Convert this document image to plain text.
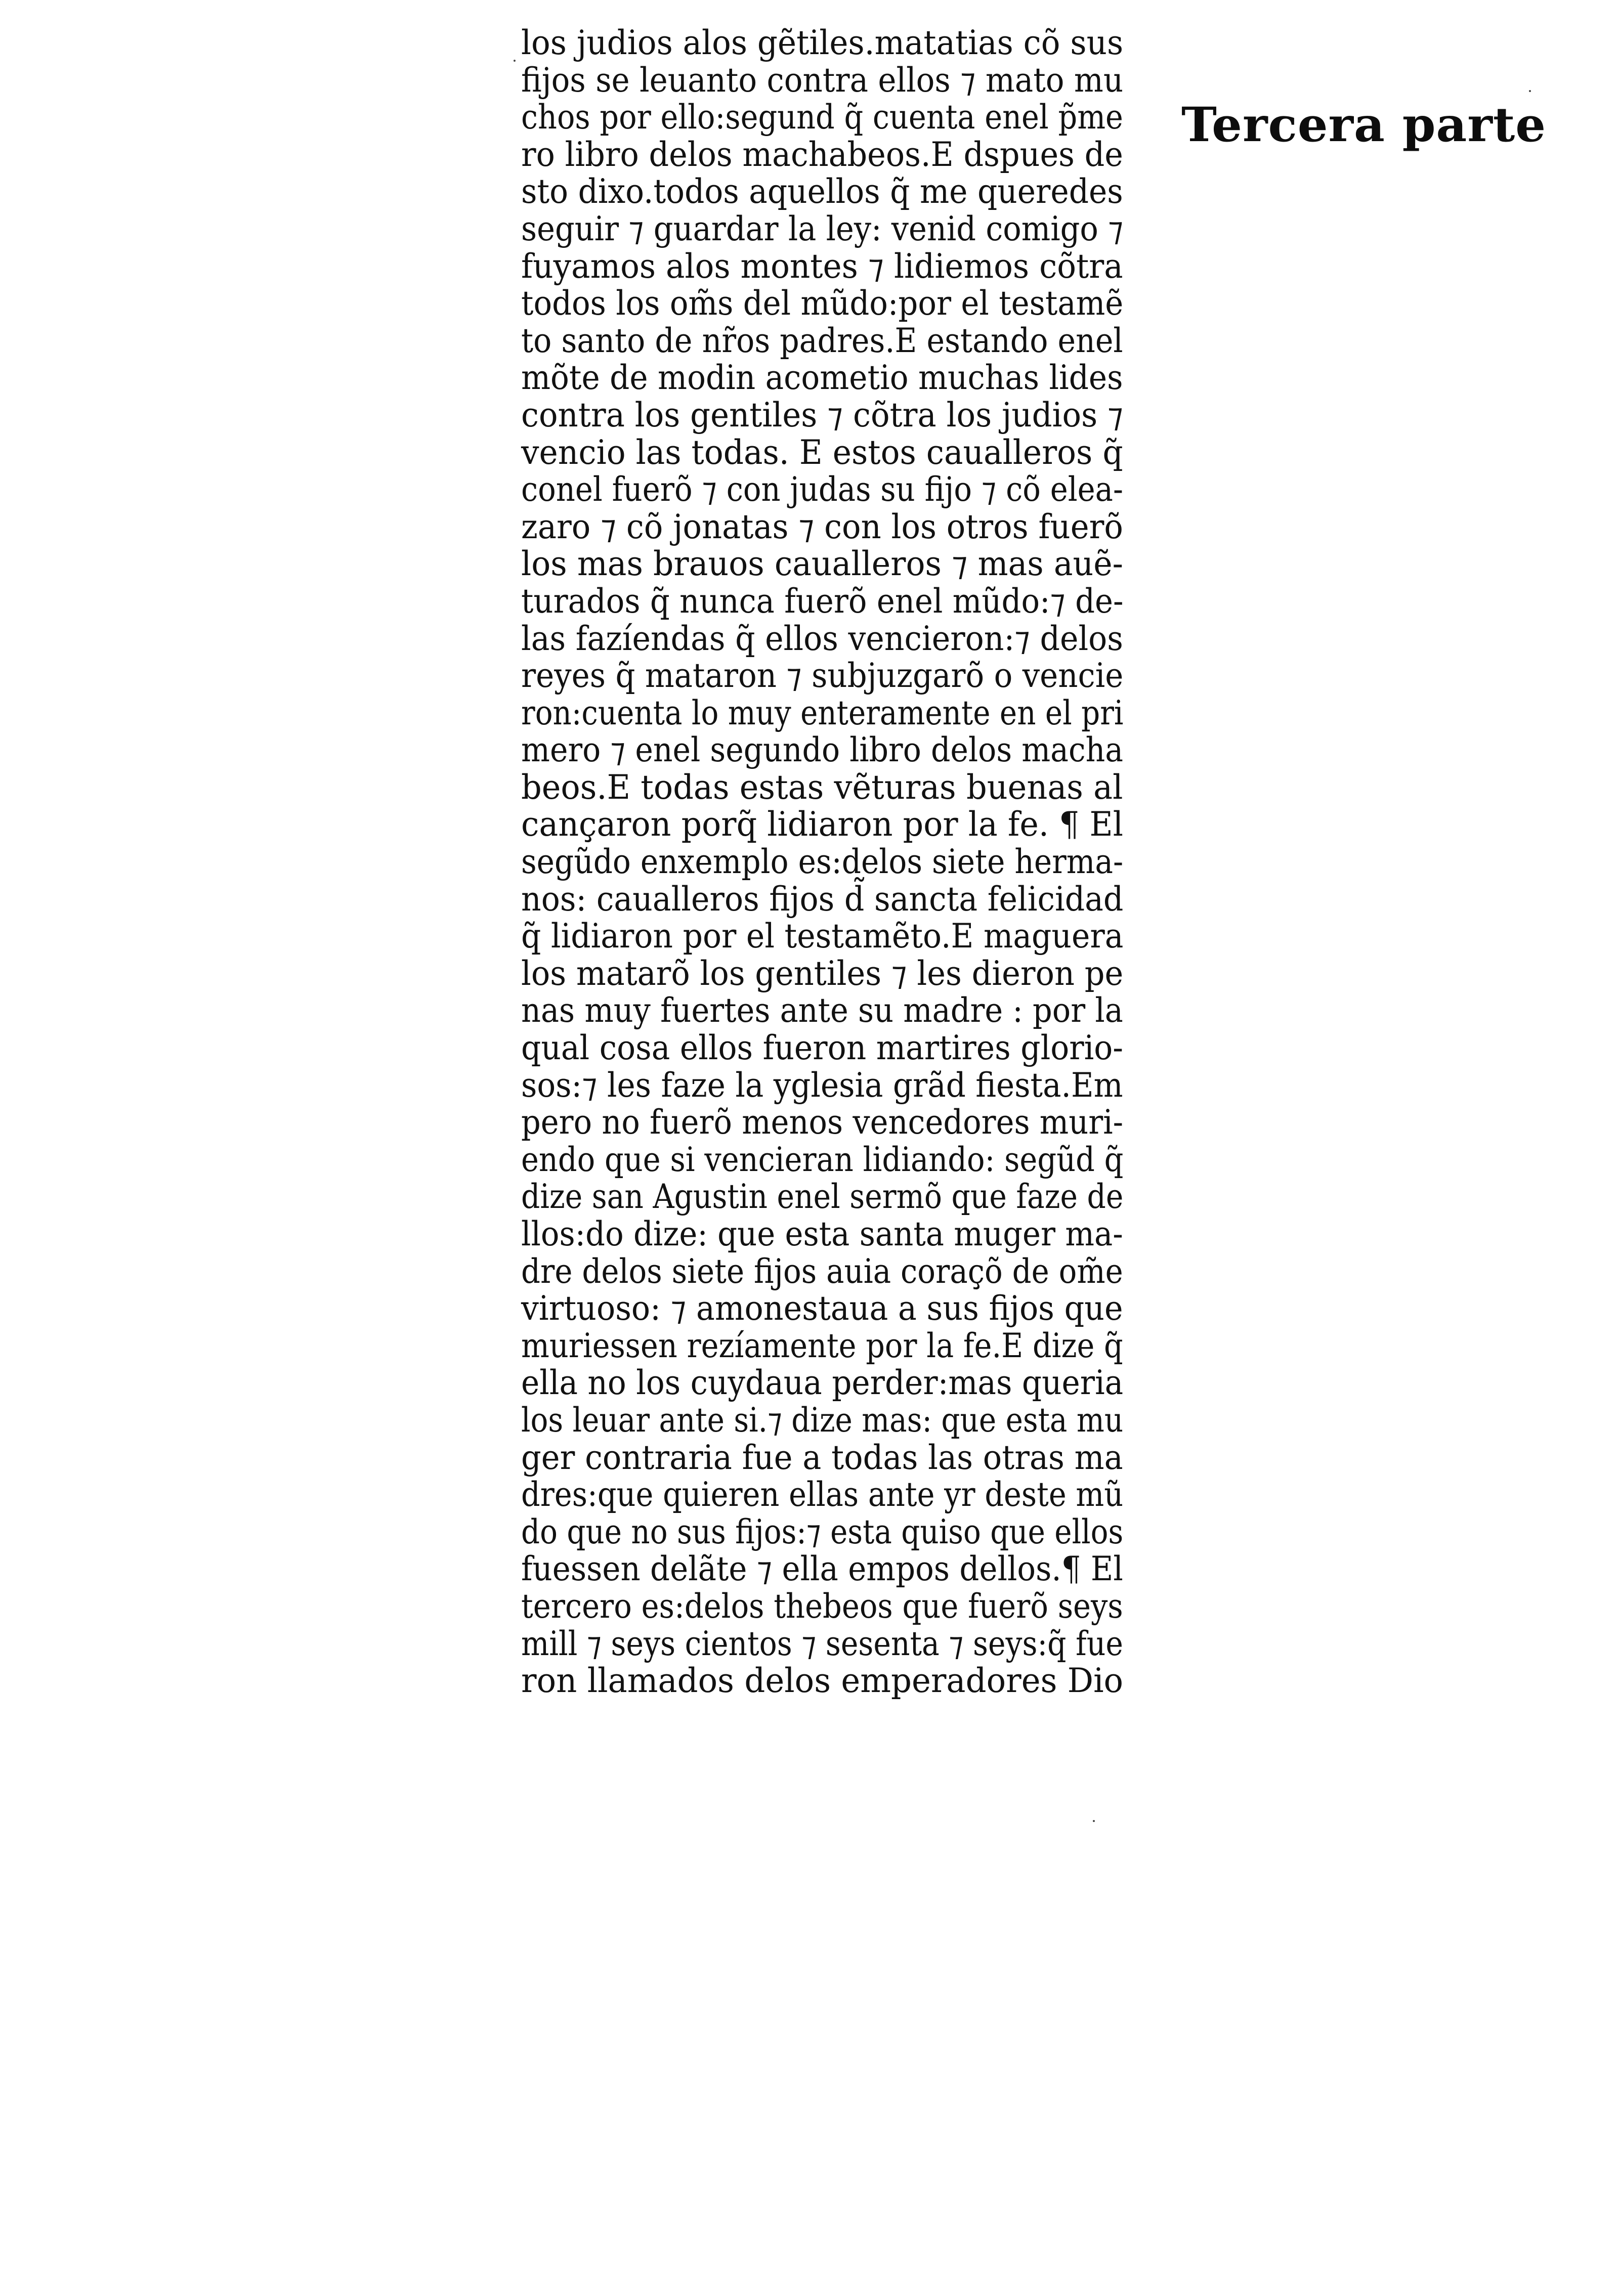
Tercera parte
los judios alos gẽtiles.matatias cõ sus
fijos se leuanto contra ellos ⁊ mato mu
chos por ello:segund q̃ cuenta enel p̃me
ro libro delos machabeos.E dspues de
sto dixo.todos aquellos q̃ me queredes
seguir ⁊ guardar la ley: venid comigo ⁊
fuyamos alos montes ⁊ lidiemos cõtra
todos los om̃s del mũdo:por el testamẽ
to santo de nr̃os padres.E estando enel
mõte de modin acometio muchas lides
contra los gentiles ⁊ cõtra los judios ⁊
vencio las todas. E estos caualleros q̃
conel fuerõ ⁊ con judas su fijo ⁊ cõ elea-
zaro ⁊ cõ jonatas ⁊ con los otros fuerõ
los mas brauos caualleros ⁊ mas auẽ-
turados q̃ nunca fuerõ enel mũdo:⁊ de-
las fazíendas q̃ ellos vencieron:⁊ delos
reyes q̃ mataron ⁊ subjuzgarõ o vencie
ron:cuenta lo muy enteramente en el pri
mero ⁊ enel segundo libro delos macha
beos.E todas estas vẽturas buenas al
cançaron porq̃ lidiaron por la fe. ¶ El
segũdo enxemplo es:delos siete herma-
nos: caualleros fijos d̃ sancta felicidad
q̃ lidiaron por el testamẽto.E maguera
los matarõ los gentiles ⁊ les dieron pe
nas muy fuertes ante su madre : por la
qual cosa ellos fueron martires glorio-
sos:⁊ les faze la yglesia grãd fiesta.Em
pero no fuerõ menos vencedores muri-
endo que si vencieran lidiando: segũd q̃
dize san Agustin enel sermõ que faze de
llos:do dize: que esta santa muger ma-
dre delos siete fijos auia coraçõ de om̃e
virtuoso: ⁊ amonestaua a sus fijos que
muriessen rezíamente por la fe.E dize q̃
ella no los cuydaua perder:mas queria
los leuar ante si.⁊ dize mas: que esta mu
ger contraria fue a todas las otras ma
dres:que quieren ellas ante yr deste mũ
do que no sus fijos:⁊ esta quiso que ellos
fuessen delãte ⁊ ella empos dellos.¶ El
tercero es:delos thebeos que fuerõ seys
mill ⁊ seys cientos ⁊ sesenta ⁊ seys:q̃ fue
ron llamados delos emperadores Dio
